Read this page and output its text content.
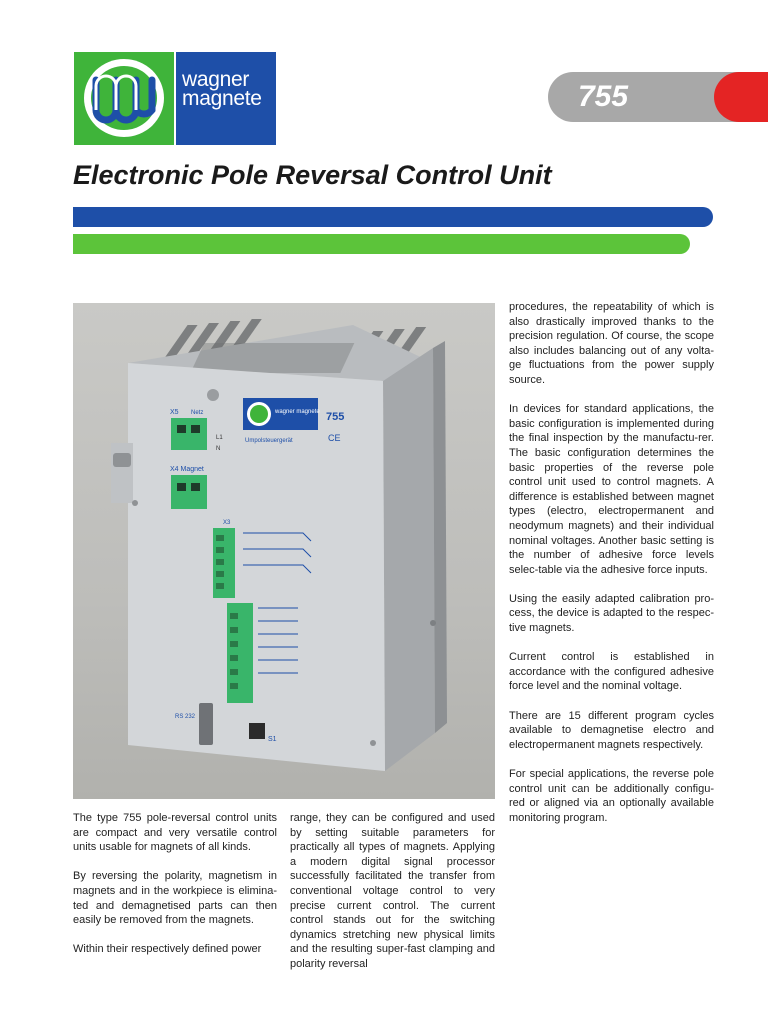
wagner
magnete	755
Electronic Pole Reversal Control Unit
wagner magnete 755
CE
Umpolsteuergerät
X5 Netz
L1
N
X4 Magnet
X3
RS 232
S1

The type 755 pole-reversal control units are compact and very versatile control units usable for magnets of all kinds.

By reversing the polarity, magnetism in magnets and in the workpiece is elimina-ted and demagnetised parts can then easily be removed from the magnets.

Within their respectively defined power

range, they can be configured and used by setting suitable parameters for practically all types of magnets. Applying a modern digital signal processor successfully facilitated the transfer from conventional voltage control to very precise current control. The current control stands out for the switching dynamics stretching new physical limits and the resulting super-fast clamping and polarity reversal

procedures, the repeatability of which is also drastically improved thanks to the precision regulation. Of course, the scope also includes balancing out of any volta-ge fluctuations from the power supply source.

In devices for standard applications, the basic configuration is implemented during the final inspection by the manufactu-rer. The basic configuration determines the basic properties of the reverse pole control unit used to control magnets. A difference is established between magnet types (electro, electropermanent and neodymum magnets) and their individual nominal voltages. Another basic setting is the number of adhesive force levels selec-table via the adhesive force inputs.

Using the easily adapted calibration pro-cess, the device is adapted to the respec-tive magnets.

Current control is established in accordance with the configured adhesive force level and the nominal voltage.

There are 15 different program cycles available to demagnetise electro and electropermanent magnets respectively.

For special applications, the reverse pole control unit can be additionally configu-red or aligned via an optionally available monitoring program.
